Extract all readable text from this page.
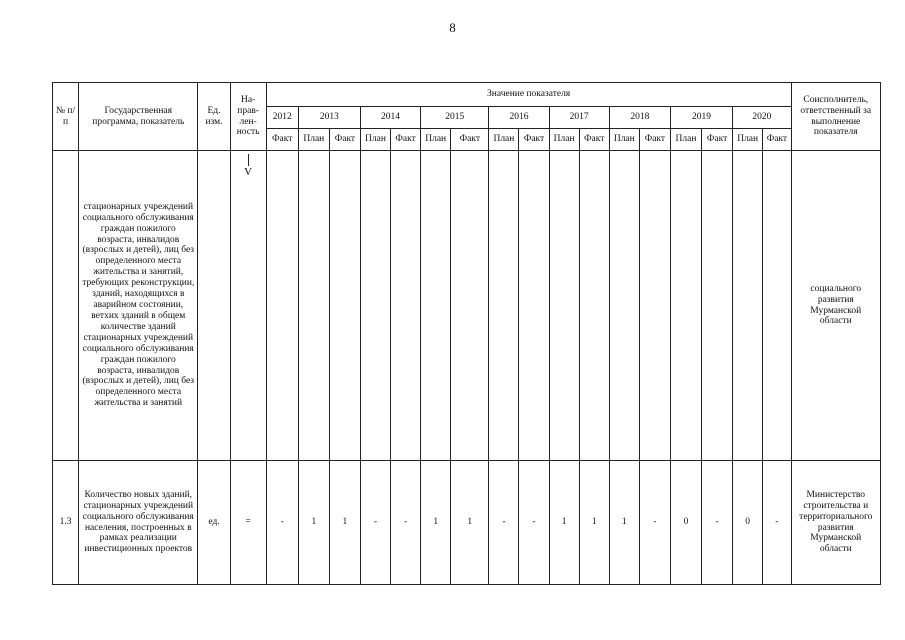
8
№ п/п	Государственная программа, показатель	Ед. изм.	На-прав-лен-ность	Значение показателя																	Соисполнитель, ответственный за выполнение показателя
				2012	2013		2014		2015		2016		2017		2018		2019		2020		
				Факт	План	Факт	План	Факт	План	Факт	План	Факт	План	Факт	План	Факт	План	Факт	План	Факт	
	стационарных учреждений социального обслуживания граждан пожилого возраста, инвалидов (взрослых и детей), лиц без определенного места жительства и занятий, требующих реконструкции, зданий, находящихся в аварийном состоянии, ветхих зданий в общем количестве зданий стационарных учреждений социального обслуживания граждан пожилого возраста, инвалидов (взрослых и детей), лиц без определенного места жительства и занятий		V																		социального развития Мурманской области
1.3	Количество новых зданий, стационарных учреждений социального обслуживания населения, построенных в рамках реализации инвестиционных проектов	ед.	=	-	1	1	-	-	1	1	-	-	1	1	1	-	0	-	0	-	Министерство строительства и территориального развития Мурманской области
